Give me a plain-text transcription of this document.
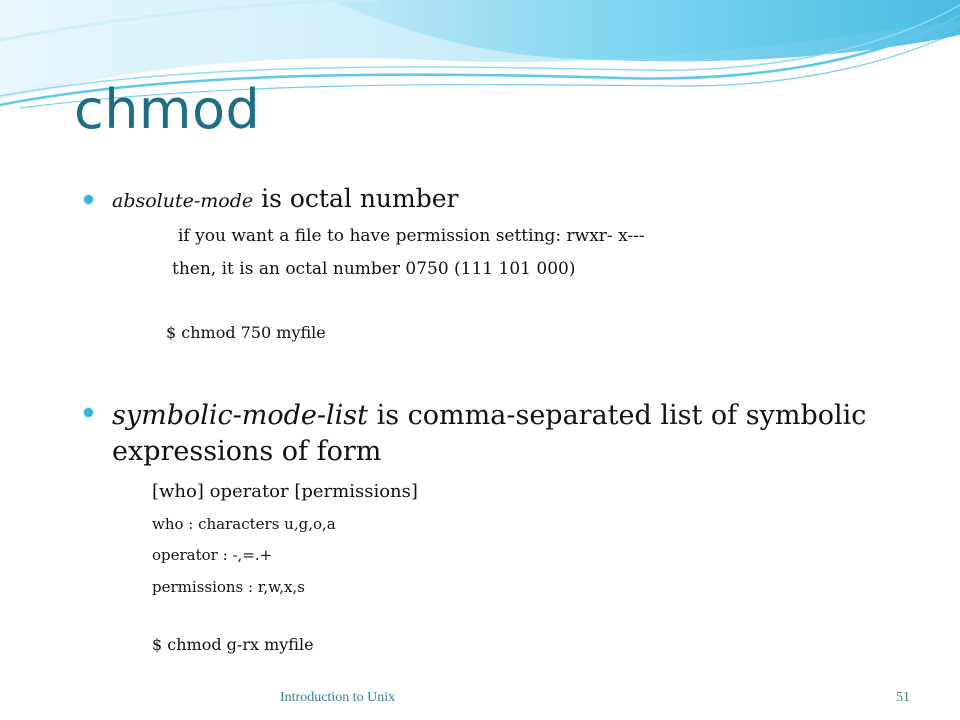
chmod
absolute-mode is octal number
if you want a file to have permission setting: rwxr- x---
then, it is an octal number 0750 (111 101 000)
$ chmod 750 myfile
symbolic-mode-list is comma-separated list of symbolic expressions of form
[who] operator [permissions]
who : characters u,g,o,a
operator : -,=.+
permissions : r,w,x,s
$ chmod g-rx myfile
Introduction to Unix	51
